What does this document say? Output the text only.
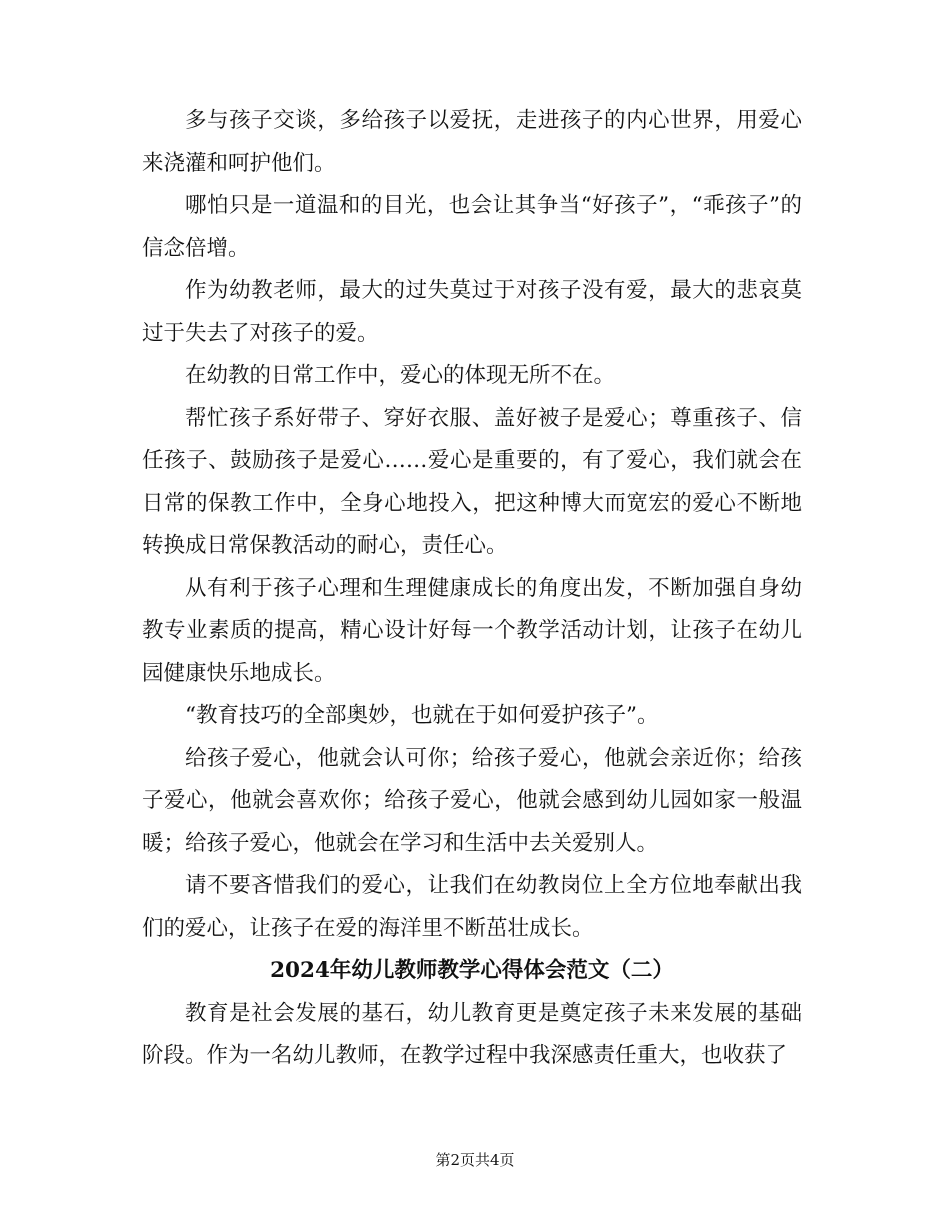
多与孩子交谈，多给孩子以爱抚，走进孩子的内心世界，用爱心来浇灌和呵护他们。

哪怕只是一道温和的目光，也会让其争当“好孩子”，“乖孩子”的信念倍增。

作为幼教老师，最大的过失莫过于对孩子没有爱，最大的悲哀莫过于失去了对孩子的爱。

在幼教的日常工作中，爱心的体现无所不在。

帮忙孩子系好带子、穿好衣服、盖好被子是爱心；尊重孩子、信任孩子、鼓励孩子是爱心……爱心是重要的，有了爱心，我们就会在日常的保教工作中，全身心地投入，把这种博大而宽宏的爱心不断地转换成日常保教活动的耐心，责任心。

从有利于孩子心理和生理健康成长的角度出发，不断加强自身幼教专业素质的提高，精心设计好每一个教学活动计划，让孩子在幼儿园健康快乐地成长。

“教育技巧的全部奥妙，也就在于如何爱护孩子”。

给孩子爱心，他就会认可你；给孩子爱心，他就会亲近你；给孩子爱心，他就会喜欢你；给孩子爱心，他就会感到幼儿园如家一般温暖；给孩子爱心，他就会在学习和生活中去关爱别人。

请不要吝惜我们的爱心，让我们在幼教岗位上全方位地奉献出我们的爱心，让孩子在爱的海洋里不断茁壮成长。

2024年幼儿教师教学心得体会范文（二）

教育是社会发展的基石，幼儿教育更是奠定孩子未来发展的基础阶段。作为一名幼儿教师，在教学过程中我深感责任重大，也收获了

第2页共4页
